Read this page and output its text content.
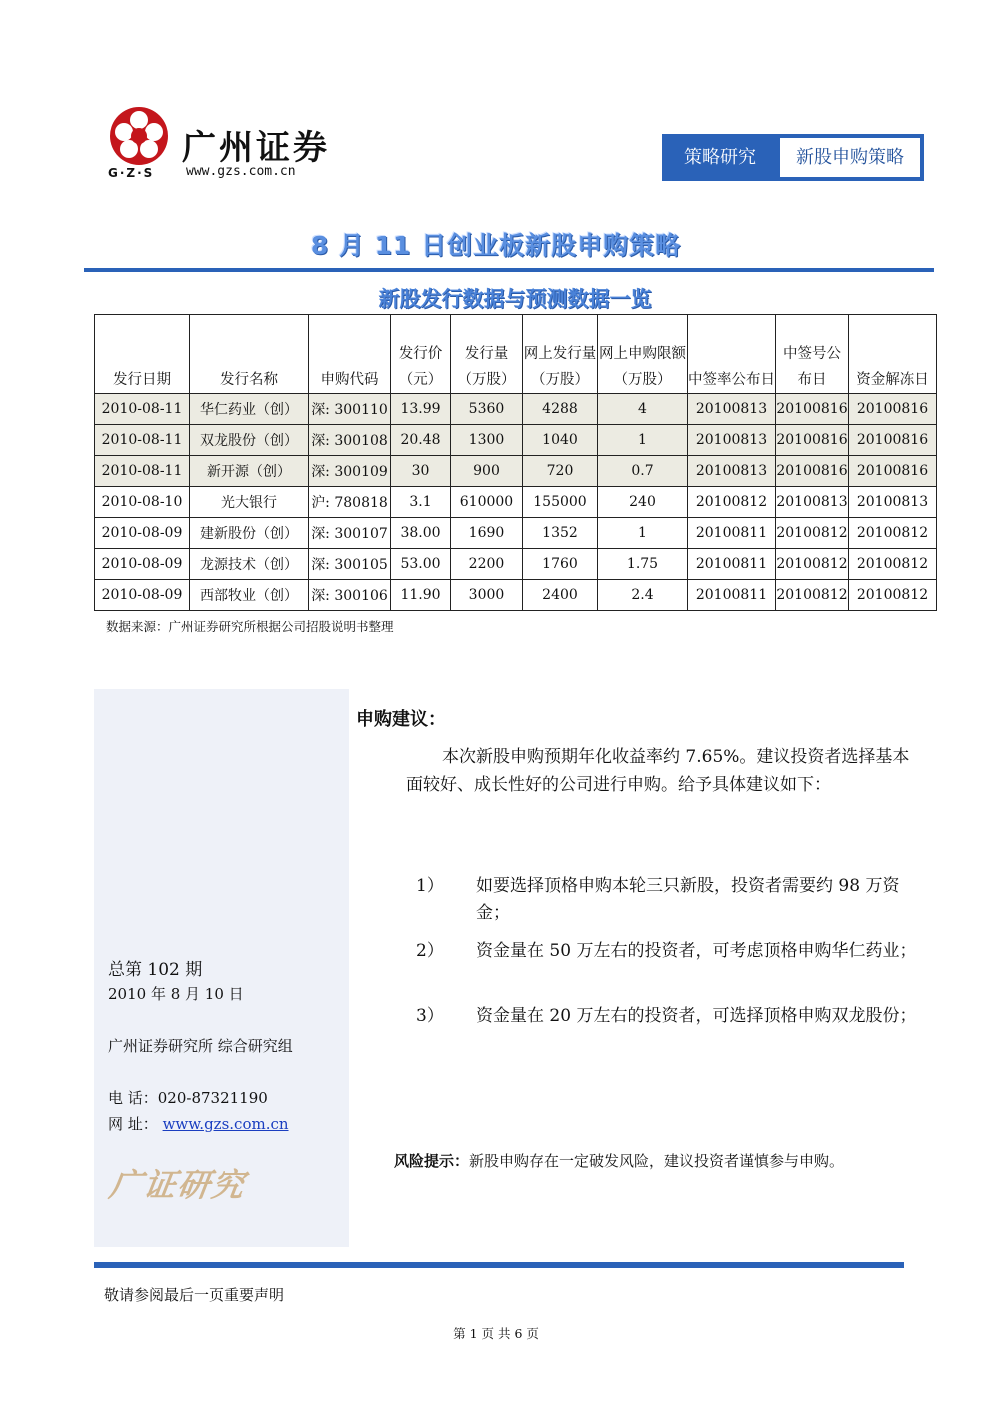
广州证券
G·Z·S www.gzs.com.cn
策略研究	新股申购策略
8 月 11 日创业板新股申购策略
新股发行数据与预测数据一览
发行日期	发行名称	申购代码	发行价（元）	发行量（万股）	网上发行量（万股）	网上申购限额（万股）	中签率公布日	中签号公布日	资金解冻日
2010-08-11	华仁药业（创）	深: 300110	13.99	5360	4288	4	20100813	20100816	20100816
2010-08-11	双龙股份（创）	深: 300108	20.48	1300	1040	1	20100813	20100816	20100816
2010-08-11	新开源（创）	深: 300109	30	900	720	0.7	20100813	20100816	20100816
2010-08-10	光大银行	沪: 780818	3.1	610000	155000	240	20100812	20100813	20100813
2010-08-09	建新股份（创）	深: 300107	38.00	1690	1352	1	20100811	20100812	20100812
2010-08-09	龙源技术（创）	深: 300105	53.00	2200	1760	1.75	20100811	20100812	20100812
2010-08-09	西部牧业（创）	深: 300106	11.90	3000	2400	2.4	20100811	20100812	20100812
数据来源：广州证券研究所根据公司招股说明书整理
总第 102 期
2010 年 8 月 10 日
广州证券研究所 综合研究组
电 话：020-87321190
网 址： www.gzs.com.cn
广证研究
申购建议：
本次新股申购预期年化收益率约 7.65%。建议投资者选择基本面较好、成长性好的公司进行申购。给予具体建议如下：
1） 如要选择顶格申购本轮三只新股，投资者需要约 98 万资金；
2） 资金量在 50 万左右的投资者，可考虑顶格申购华仁药业；
3） 资金量在 20 万左右的投资者，可选择顶格申购双龙股份；
风险提示：新股申购存在一定破发风险，建议投资者谨慎参与申购。
敬请参阅最后一页重要声明
第 1 页 共 6 页
